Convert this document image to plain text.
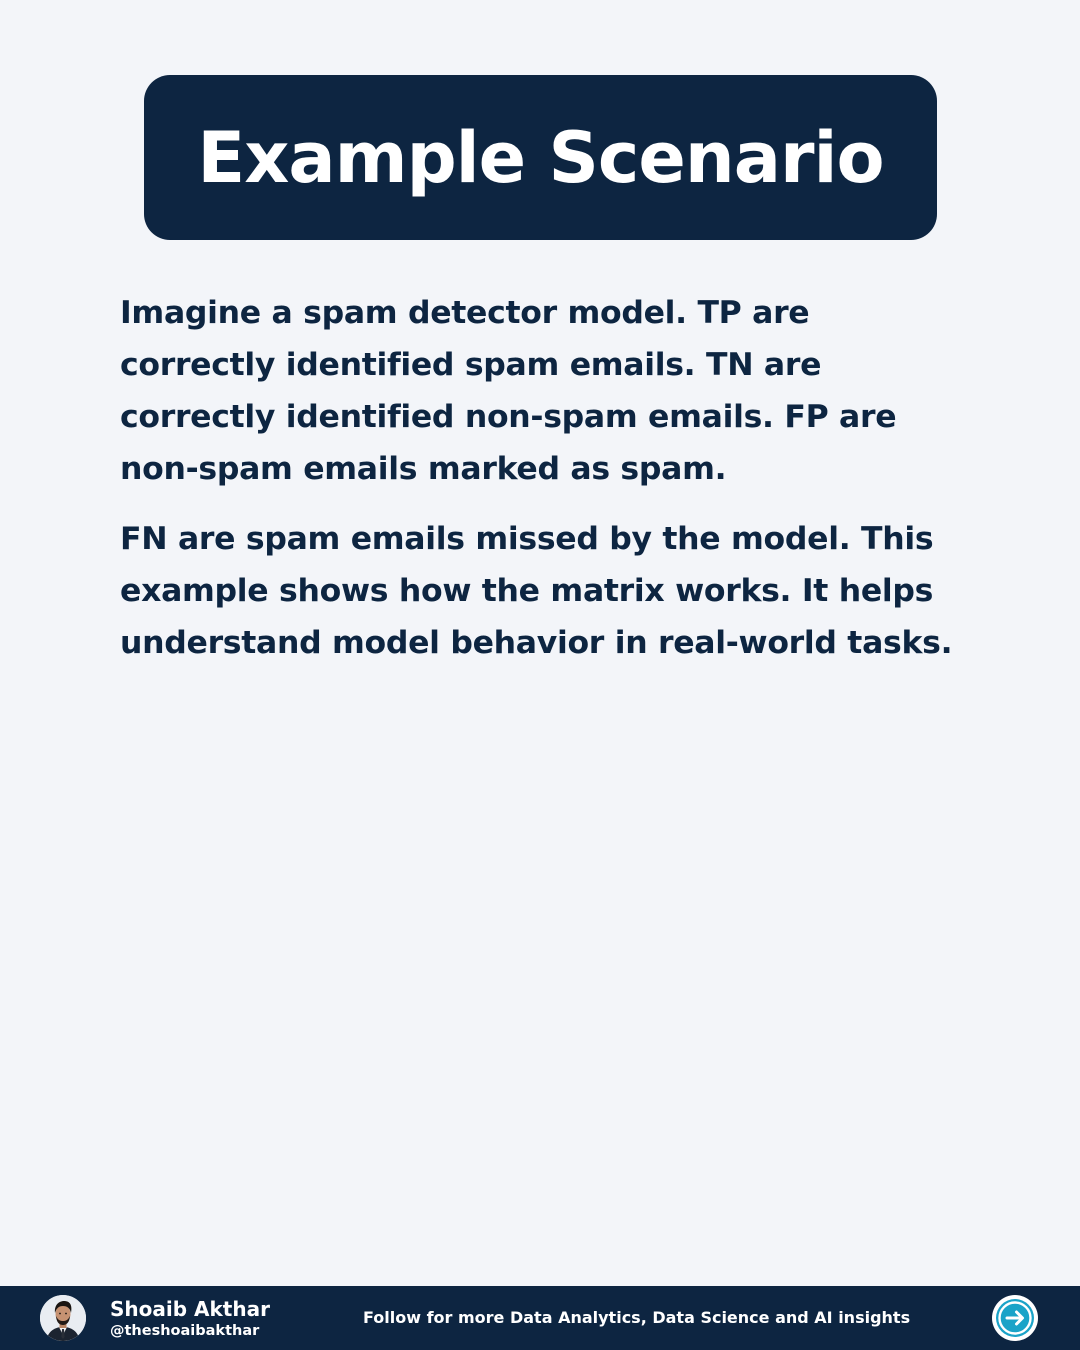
Example Scenario

Imagine a spam detector model. TP are correctly identified spam emails. TN are correctly identified non-spam emails. FP are non-spam emails marked as spam.

FN are spam emails missed by the model. This example shows how the matrix works. It helps understand model behavior in real-world tasks.

Shoaib Akthar
@theshoaibakthar
Follow for more Data Analytics, Data Science and AI insights
